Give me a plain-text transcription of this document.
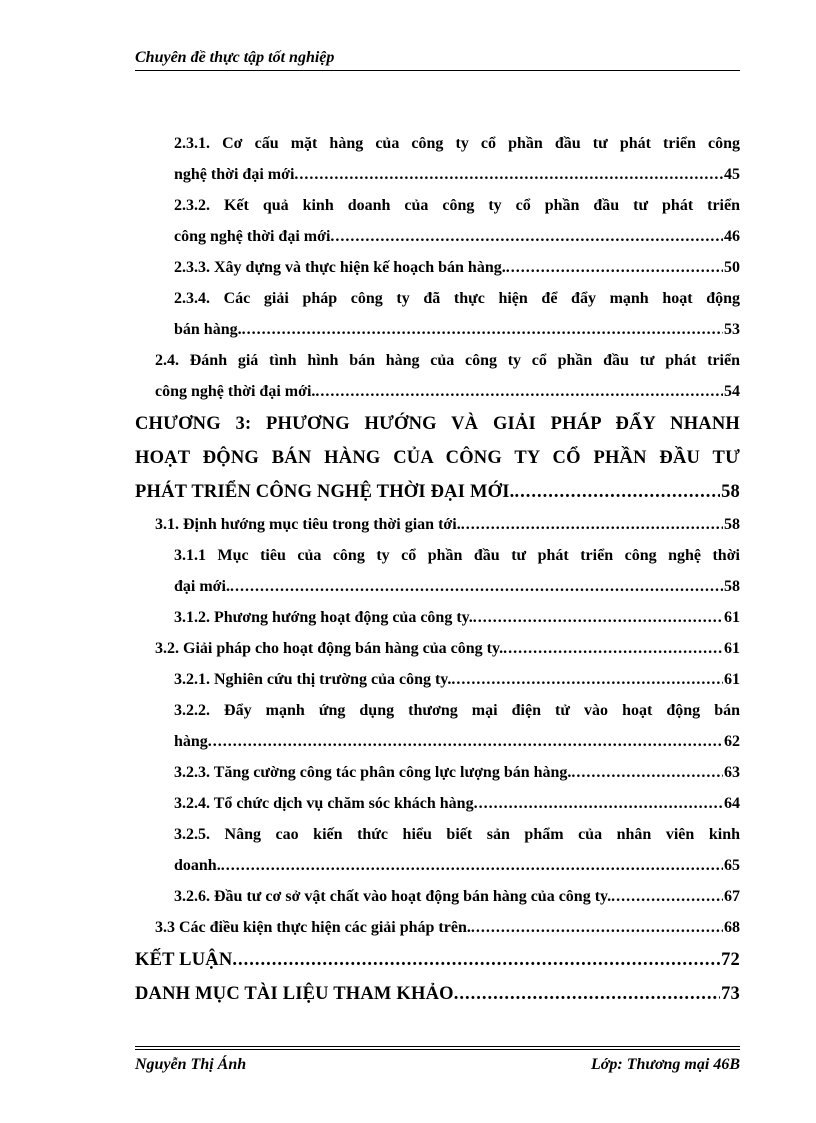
Chuyên đề thực tập tốt nghiệp
2.3.1. Cơ cấu mặt hàng của công ty cổ phần đầu tư phát triển công
nghệ thời đại mới .....	45
2.3.2. Kết quả kinh doanh của công ty cổ phần đầu tư phát triển
công nghệ thời đại mới .....	46
2.3.3. Xây dựng và thực hiện kế hoạch bán hàng. .....	50
2.3.4. Các giải pháp công ty đã thực hiện để đẩy mạnh hoạt động
bán hàng. .....	53
2.4. Đánh giá tình hình bán hàng của công ty cổ phần đầu tư phát triển
công nghệ thời đại mới. .....	54
CHƯƠNG 3: PHƯƠNG HƯỚNG VÀ GIẢI PHÁP ĐẨY NHANH
HOẠT ĐỘNG BÁN HÀNG CỦA CÔNG TY CỔ PHẦN ĐẦU TƯ
PHÁT TRIỂN CÔNG NGHỆ THỜI ĐẠI MỚI. .....	58
3.1. Định hướng mục tiêu trong thời gian tới. .....	58
3.1.1 Mục tiêu của công ty cổ phần đầu tư phát triển công nghệ thời
đại mới. .....	58
3.1.2. Phương hướng hoạt động của công ty. .....	61
3.2. Giải pháp cho hoạt động bán hàng của công ty. .....	61
3.2.1. Nghiên cứu thị trường của công ty. .....	61
3.2.2. Đẩy mạnh ứng dụng thương mại điện tử vào hoạt động bán
hàng .....	62
3.2.3. Tăng cường công tác phân công lực lượng bán hàng. .....	63
3.2.4. Tổ chức dịch vụ chăm sóc khách hàng .....	64
3.2.5. Nâng cao kiến thức hiểu biết sản phẩm của nhân viên kinh
doanh. .....	65
3.2.6. Đầu tư cơ sở vật chất vào hoạt động bán hàng của công ty. .....	67
3.3 Các điều kiện thực hiện các giải pháp trên. .....	68
KẾT LUẬN .....	72
DANH MỤC TÀI LIỆU THAM KHẢO .....	73
Nguyễn Thị Ánh	Lớp: Thương mại 46B
